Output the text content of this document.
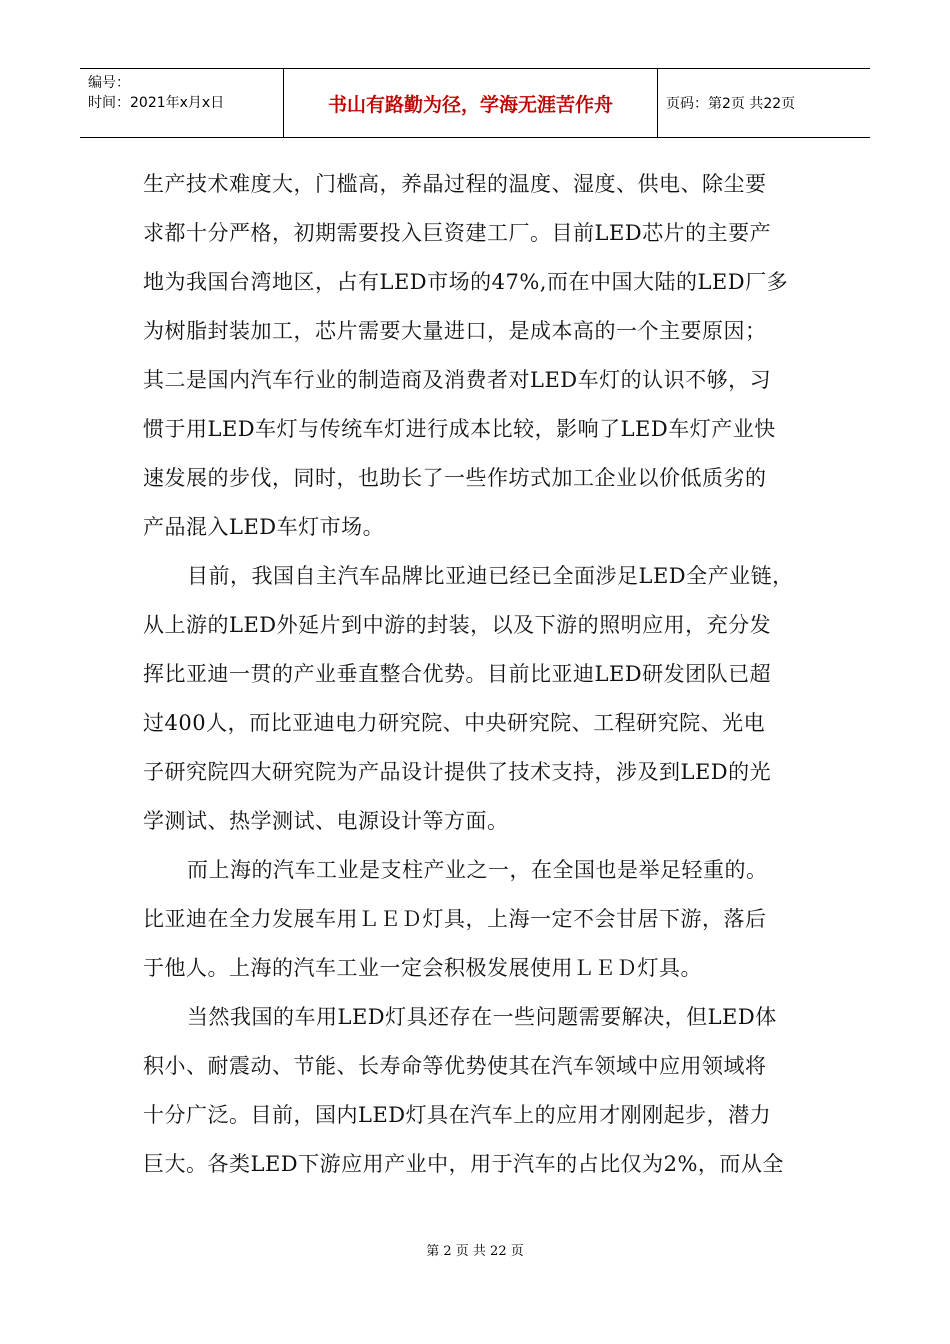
编号：
时间：2021年x月x日	书山有路勤为径，学海无涯苦作舟	页码：第2页 共22页
生产技术难度大，门槛高，养晶过程的温度、湿度、供电、除尘要
求都十分严格，初期需要投入巨资建工厂。目前LED芯片的主要产
地为我国台湾地区，占有LED市场的47%,而在中国大陆的LED厂多
为树脂封装加工，芯片需要大量进口，是成本高的一个主要原因；
其二是国内汽车行业的制造商及消费者对LED车灯的认识不够，习
惯于用LED车灯与传统车灯进行成本比较，影响了LED车灯产业快
速发展的步伐，同时，也助长了一些作坊式加工企业以价低质劣的
产品混入LED车灯市场。
目前，我国自主汽车品牌比亚迪已经已全面涉足LED全产业链，
从上游的LED外延片到中游的封装，以及下游的照明应用，充分发
挥比亚迪一贯的产业垂直整合优势。目前比亚迪LED研发团队已超
过400人，而比亚迪电力研究院、中央研究院、工程研究院、光电
子研究院四大研究院为产品设计提供了技术支持，涉及到LED的光
学测试、热学测试、电源设计等方面。
而上海的汽车工业是支柱产业之一，在全国也是举足轻重的。
比亚迪在全力发展车用ＬＥＤ灯具，上海一定不会甘居下游，落后
于他人。上海的汽车工业一定会积极发展使用ＬＥＤ灯具。
当然我国的车用LED灯具还存在一些问题需要解决，但LED体
积小、耐震动、节能、长寿命等优势使其在汽车领域中应用领域将
十分广泛。目前，国内LED灯具在汽车上的应用才刚刚起步，潜力
巨大。各类LED下游应用产业中，用于汽车的占比仅为2%，而从全
第 2 页 共 22 页
